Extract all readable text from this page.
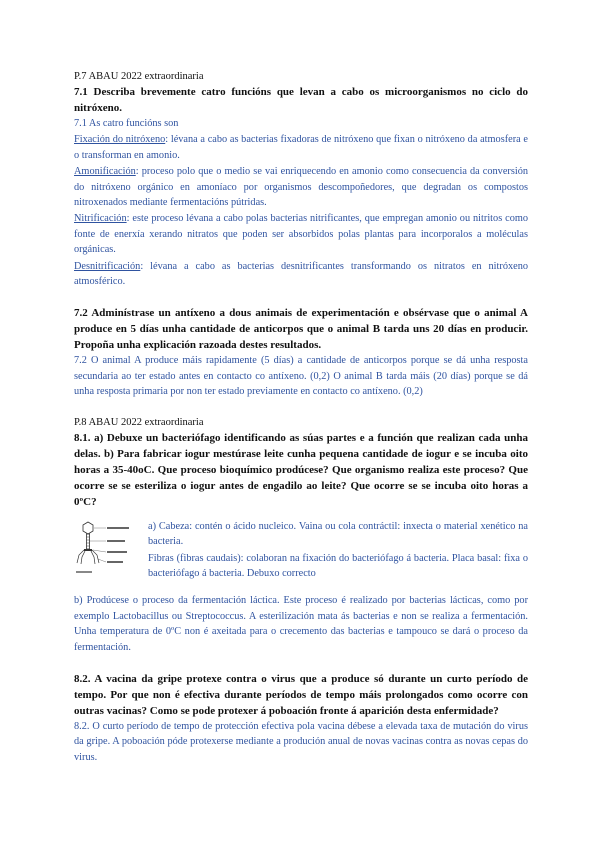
P.7 ABAU 2022 extraordinaria

7.1 Describa brevemente catro funcións que levan a cabo os microorganismos no ciclo do nitróxeno.

7.1 As catro funcións son

Fixación do nitróxeno: lévana a cabo as bacterias fixadoras de nitróxeno que fixan o nitróxeno da atmosfera e o transforman en amonio.

Amonificación: proceso polo que o medio se vai enriquecendo en amonio como consecuencia da conversión do nitróxeno orgánico en amoníaco por organismos descompoñedores, que degradan os compostos nitroxenados mediante fermentacións pútridas.

Nitrificación: este proceso lévana a cabo polas bacterias nitrificantes, que empregan amonio ou nitritos como fonte de enerxía xerando nitratos que poden ser absorbidos polas plantas para incorporalos a moléculas orgánicas.

Desnitrificación: lévana a cabo as bacterias desnitrificantes transformando os nitratos en nitróxeno atmosférico.

7.2 Adminístrase un antíxeno a dous animais de experimentación e obsérvase que o animal A produce en 5 días unha cantidade de anticorpos que o animal B tarda uns 20 días en producir. Propoña unha explicación razoada destes resultados.

7.2 O animal A produce máis rapidamente (5 días) a cantidade de anticorpos porque se dá unha resposta secundaria ao ter estado antes en contacto co antíxeno. (0,2) O animal B tarda máis (20 días) porque se dá unha resposta primaria por non ter estado previamente en contacto co antíxeno. (0,2)

P.8 ABAU 2022 extraordinaria

8.1. a) Debuxe un bacteriófago identificando as súas partes e a función que realizan cada unha delas. b) Para fabricar iogur mestúrase leite cunha pequena cantidade de iogur e se incuba oito horas a 35-40oC. Que proceso bioquímico prodúcese? Que organismo realiza este proceso? Que ocorre se se esteriliza o iogur antes de engadilo ao leite? Que ocorre se se incuba oito horas a 0ºC?

a) Cabeza: contén o ácido nucleico. Vaina ou cola contráctil: inxecta o material xenético na bacteria.

Fibras (fibras caudais): colaboran na fixación do bacteriófago á bacteria. Placa basal: fixa o bacteriófago á bacteria. Debuxo correcto

b) Prodúcese o proceso da fermentación láctica. Este proceso é realizado por bacterias lácticas, como por exemplo Lactobacillus ou Streptococcus. A esterilización mata ás bacterias e non se realiza a fermentación. Unha temperatura de 0ºC non é axeitada para o crecemento das bacterias e tampouco se dará o proceso da fermentación.

8.2. A vacina da gripe protexe contra o virus que a produce só durante un curto período de tempo. Por que non é efectiva durante períodos de tempo máis prolongados como ocorre con outras vacinas? Como se pode protexer á poboación fronte á aparición desta enfermidade?

8.2. O curto período de tempo de protección efectiva pola vacina débese a elevada taxa de mutación do virus da gripe. A poboación póde protexerse mediante a produción anual de novas vacinas contra as novas cepas do virus.
